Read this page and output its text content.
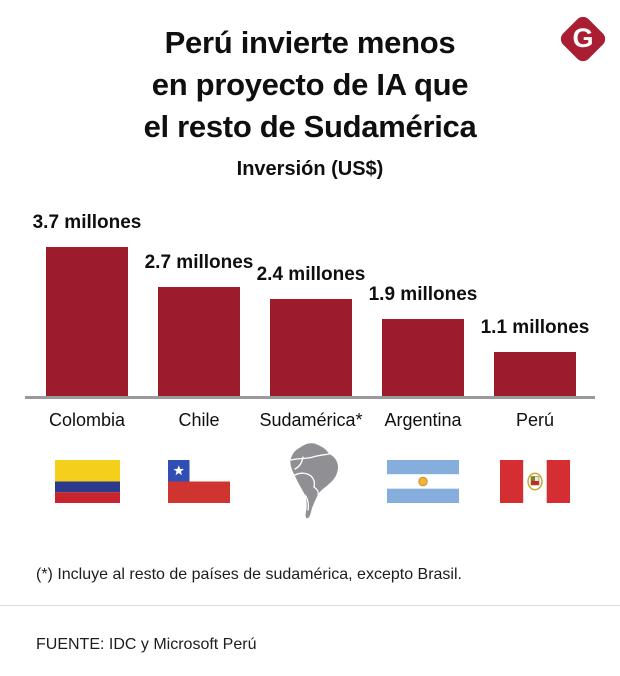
G
Perú invierte menos
en proyecto de IA que
el resto de Sudamérica
Inversión (US$)
3.7 millones
2.7 millones
2.4 millones
1.9 millones
1.1 millones
Colombia	Chile	Sudamérica*	Argentina	Perú
(*) Incluye al resto de países de sudamérica, excepto Brasil.
FUENTE: IDC y Microsoft Perú
